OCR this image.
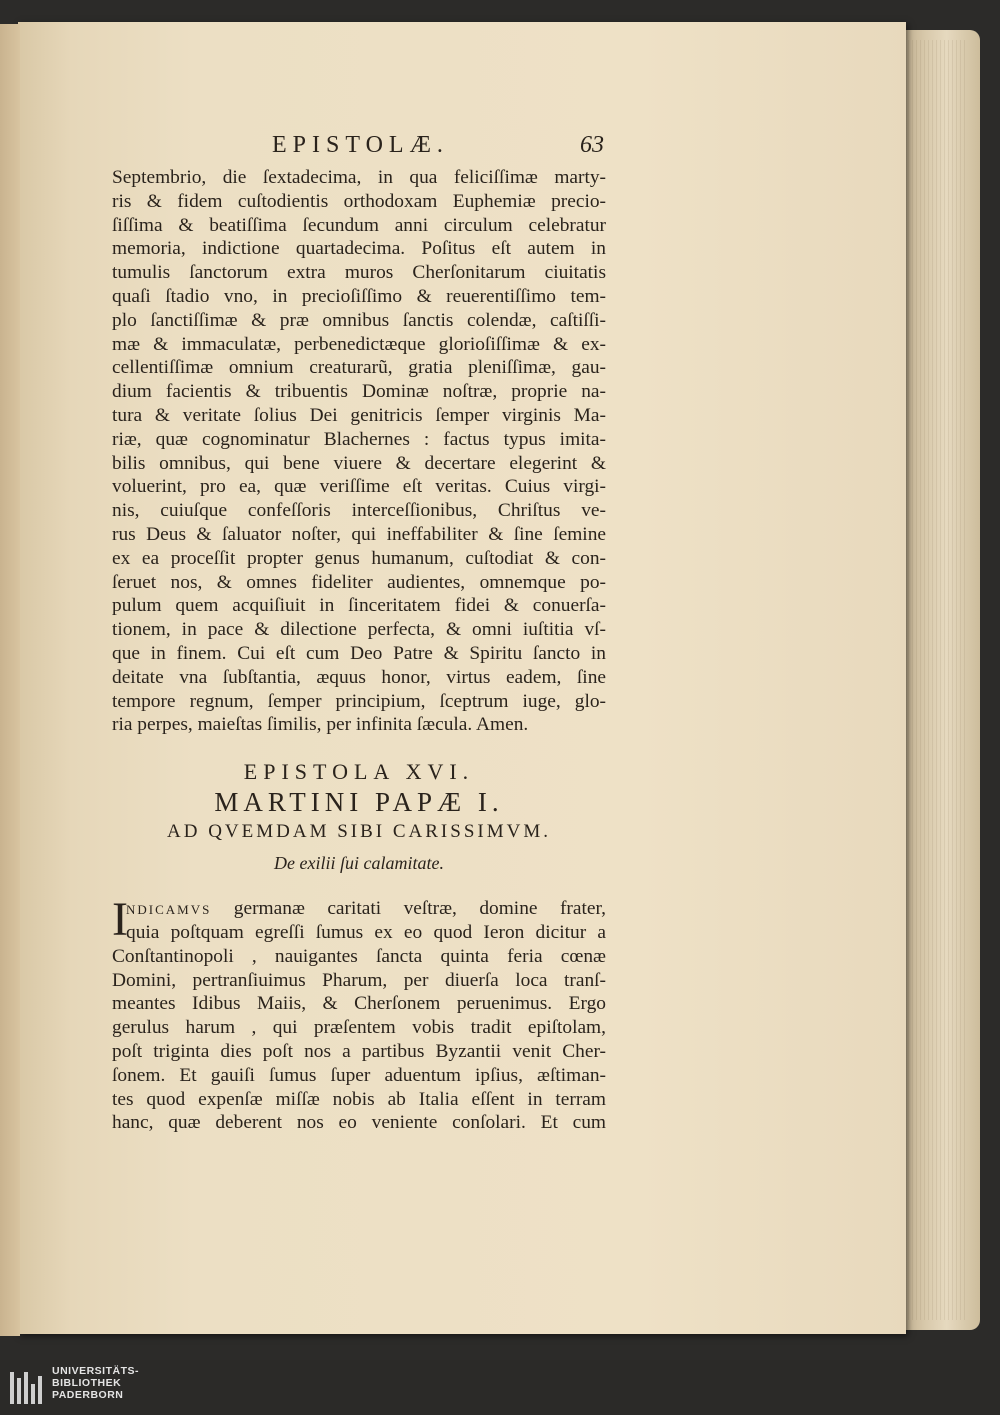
EPISTOLÆ.	63
Septembrio, die ſextadecima, in qua feliciſſimæ marty-
ris & fidem cuſtodientis orthodoxam Euphemiæ precio-
ſiſſima & beatiſſima ſecundum anni circulum celebratur
memoria, indictione quartadecima. Poſitus eſt autem in
tumulis ſanctorum extra muros Cherſonitarum ciuitatis
quaſi ſtadio vno, in precioſiſſimo & reuerentiſſimo tem-
plo ſanctiſſimæ & præ omnibus ſanctis colendæ, caſtiſſi-
mæ & immaculatæ, perbenedictæque glorioſiſſimæ & ex-
cellentiſſimæ omnium creaturarũ, gratia pleniſſimæ, gau-
dium facientis & tribuentis Dominæ noſtræ, proprie na-
tura & veritate ſolius Dei genitricis ſemper virginis Ma-
riæ, quæ cognominatur Blachernes : factus typus imita-
bilis omnibus, qui bene viuere & decertare elegerint &
voluerint, pro ea, quæ veriſſime eſt veritas. Cuius virgi-
nis, cuiuſque confeſſoris interceſſionibus, Chriſtus ve-
rus Deus & ſaluator noſter, qui ineffabiliter & ſine ſemine
ex ea proceſſit propter genus humanum, cuſtodiat & con-
ſeruet nos, & omnes fideliter audientes, omnemque po-
pulum quem acquiſiuit in ſinceritatem fidei & conuerſa-
tionem, in pace & dilectione perfecta, & omni iuſtitia vſ-
que in finem. Cui eſt cum Deo Patre & Spiritu ſancto in
deitate vna ſubſtantia, æquus honor, virtus eadem, ſine
tempore regnum, ſemper principium, ſceptrum iuge, glo-
ria perpes, maieſtas ſimilis, per infinita ſæcula. Amen.
EPISTOLA XVI.
MARTINI PAPÆ I.
AD QVEMDAM SIBI CARISSIMVM.
De exilii ſui calamitate.
I
NDICAMVS germanæ caritati veſtræ, domine frater,
quia poſtquam egreſſi ſumus ex eo quod Ieron dicitur a
Conſtantinopoli , nauigantes ſancta quinta feria cœnæ
Domini, pertranſiuimus Pharum, per diuerſa loca tranſ-
meantes Idibus Maiis, & Cherſonem peruenimus. Ergo
gerulus harum , qui præſentem vobis tradit epiſtolam,
poſt triginta dies poſt nos a partibus Byzantii venit Cher-
ſonem. Et gauiſi ſumus ſuper aduentum ipſius, æſtiman-
tes quod expenſæ miſſæ nobis ab Italia eſſent in terram
hanc, quæ deberent nos eo veniente conſolari. Et cum
UNIVERSITÄTS-
BIBLIOTHEK
PADERBORN
